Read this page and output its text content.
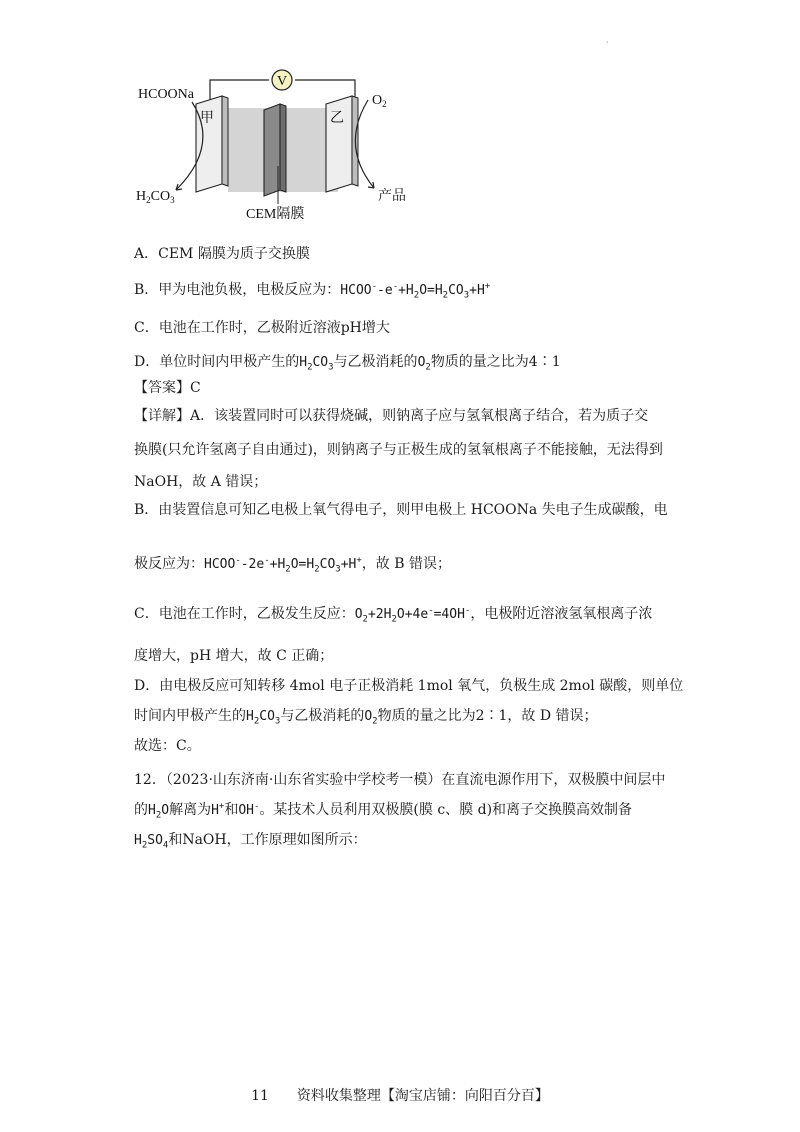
'
V
HCOONa
甲	乙
$O_2$
$H_2CO_3$	产品
CEM隔膜
A．CEM 隔膜为质子交换膜
B．甲为电池负极，电极反应为：$HCOO^--e^-+H_2O=H_2CO_3+H^+$
C．电池在工作时，乙极附近溶液pH增大
D．单位时间内甲极产生的$H_2CO_3$与乙极消耗的$O_2$物质的量之比为4∶1
【答案】C
【详解】A．该装置同时可以获得烧碱，则钠离子应与氢氧根离子结合，若为质子交
换膜(只允许氢离子自由通过)，则钠离子与正极生成的氢氧根离子不能接触，无法得到
NaOH，故 A 错误；
B．由装置信息可知乙电极上氧气得电子，则甲电极上 HCOONa 失电子生成碳酸，电
极反应为：$HCOO^--2e^-+H_2O=H_2CO_3+H^+$，故 B 错误；
C．电池在工作时，乙极发生反应：$O_2+2H_2O+4e^-=4OH^-$，电极附近溶液氢氧根离子浓
度增大，pH 增大，故 C 正确；
D．由电极反应可知转移 4mol 电子正极消耗 1mol 氧气，负极生成 2mol 碳酸，则单位
时间内甲极产生的$H_2CO_3$与乙极消耗的$O_2$物质的量之比为2∶1，故 D 错误；
故选：C。
12．（2023·山东济南·山东省实验中学校考一模）在直流电源作用下，双极膜中间层中
的$H_2O$解离为H+和OH-。某技术人员利用双极膜(膜 c、膜 d)和离子交换膜高效制备
$H_2SO_4$和NaOH，工作原理如图所示：
11 资料收集整理【淘宝店铺：向阳百分百】
